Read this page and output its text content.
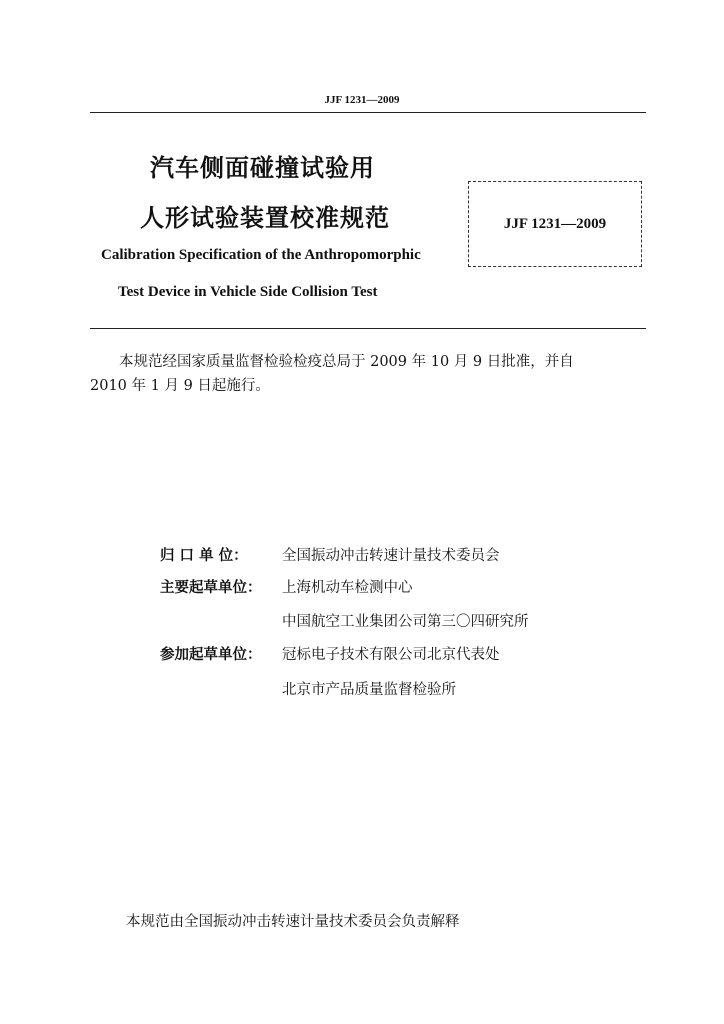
JJF 1231—2009
汽车侧面碰撞试验用
人形试验装置校准规范	JJF 1231—2009
Calibration Specification of the Anthropomorphic
Test Device in Vehicle Side Collision Test
本规范经国家质量监督检验检疫总局于 2009 年 10 月 9 日批准，并自
2010 年 1 月 9 日起施行。
归 口 单 位： 全国振动冲击转速计量技术委员会
主要起草单位： 上海机动车检测中心
中国航空工业集团公司第三〇四研究所
参加起草单位： 冠标电子技术有限公司北京代表处
北京市产品质量监督检验所
本规范由全国振动冲击转速计量技术委员会负责解释
